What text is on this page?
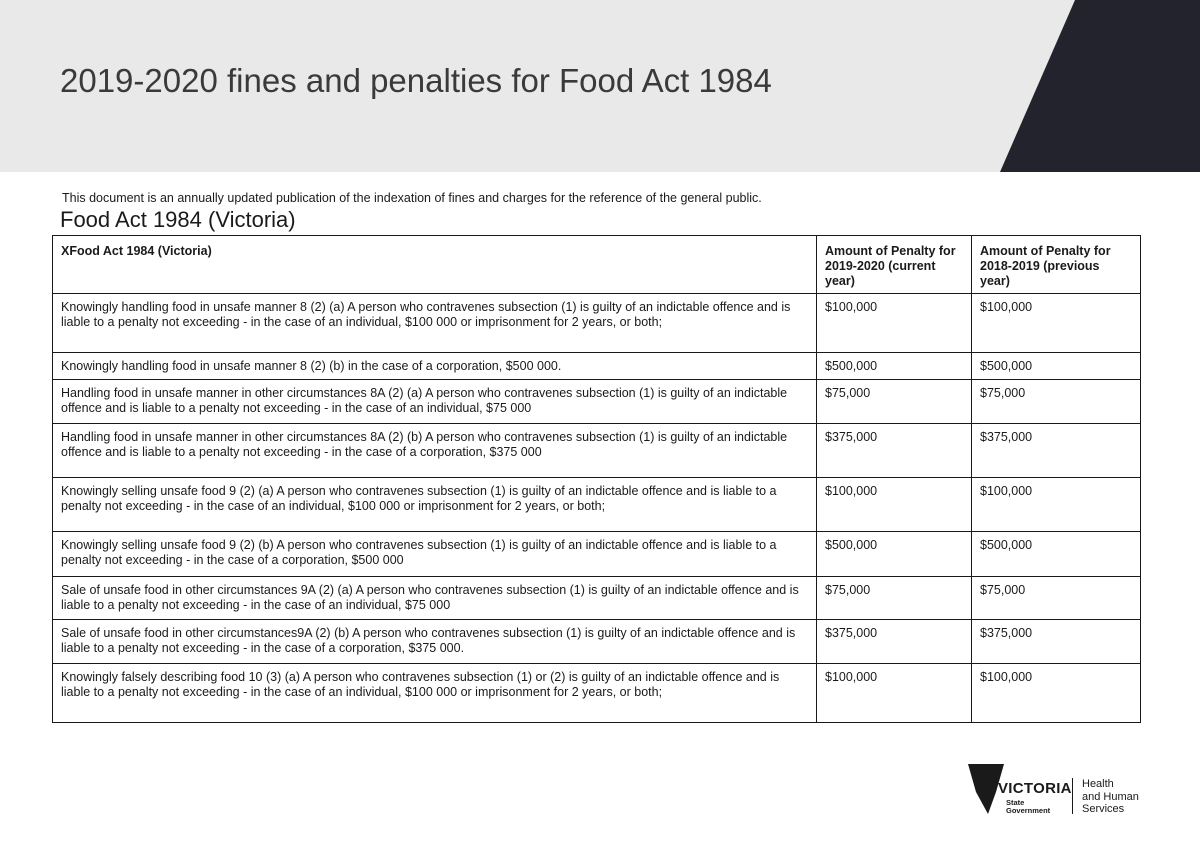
2019-2020 fines and penalties for Food Act 1984

This document is an annually updated publication of the indexation of fines and charges for the reference of the general public.

Food Act 1984 (Victoria)
XFood Act 1984 (Victoria)	Amount of Penalty for 2019-2020 (current year)	Amount of Penalty for 2018-2019 (previous year)
Knowingly handling food in unsafe manner 8 (2) (a) A person who contravenes subsection (1) is guilty of an indictable offence and is liable to a penalty not exceeding - in the case of an individual, $100 000 or imprisonment for 2 years, or both;	$100,000	$100,000
Knowingly handling food in unsafe manner 8 (2) (b) in the case of a corporation, $500 000.	$500,000	$500,000
Handling food in unsafe manner in other circumstances 8A (2) (a) A person who contravenes subsection (1) is guilty of an indictable offence and is liable to a penalty not exceeding - in the case of an individual, $75 000	$75,000	$75,000
Handling food in unsafe manner in other circumstances 8A (2) (b) A person who contravenes subsection (1) is guilty of an indictable offence and is liable to a penalty not exceeding - in the case of a corporation, $375 000	$375,000	$375,000
Knowingly selling unsafe food 9 (2) (a) A person who contravenes subsection (1) is guilty of an indictable offence and is liable to a penalty not exceeding - in the case of an individual, $100 000 or imprisonment for 2 years, or both;	$100,000	$100,000
Knowingly selling unsafe food 9 (2) (b) A person who contravenes subsection (1) is guilty of an indictable offence and is liable to a penalty not exceeding - in the case of a corporation, $500 000	$500,000	$500,000
Sale of unsafe food in other circumstances 9A (2) (a) A person who contravenes subsection (1) is guilty of an indictable offence and is liable to a penalty not exceeding - in the case of an individual, $75 000	$75,000	$75,000
Sale of unsafe food in other circumstances9A (2) (b) A person who contravenes subsection (1) is guilty of an indictable offence and is liable to a penalty not exceeding - in the case of a corporation, $375 000.	$375,000	$375,000
Knowingly falsely describing food 10 (3) (a) A person who contravenes subsection (1) or (2) is guilty of an indictable offence and is liable to a penalty not exceeding - in the case of an individual, $100 000 or imprisonment for 2 years, or both;	$100,000	$100,000
VICTORIA
State
Government
Health
and Human
Services
